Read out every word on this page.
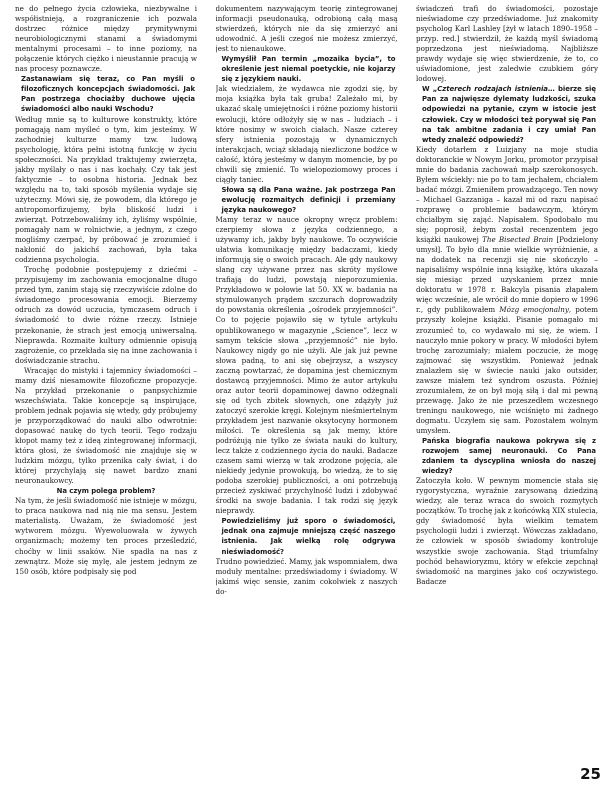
ne do pełnego życia człowieka, niezbywalne i współistnieją, a rozgraniczenie ich pozwala dostrzec różnice między prymitywnymi neurobiologicznymi stanami a świadomymi mentalnymi procesami – to inne poziomy, na połączenie których ciężko i nieustannie pracują w nas procesy poznawcze.

Zastanawiam się teraz, co Pan myśli o filozoficznych koncepcjach świadomości. Jak Pan postrzega chociażby duchowe ujęcia świadomości albo nauki Wschodu?

Według mnie są to kulturowe konstrukty, które pomagają nam myśleć o tym, kim jesteśmy. W zachodniej kulturze mamy tzw. ludową psychologię, która pełni istotną funkcję w życiu społeczności. Na przykład traktujemy zwierzęta, jakby myślały o nas i nas kochały. Czy tak jest faktycznie – to osobna historia. Jednak bez względu na to, taki sposób myślenia wydaje się użyteczny. Mówi się, że powodem, dla którego je antropomorfizujemy, była bliskość ludzi i zwierząt. Potrzebowaliśmy ich, żyliśmy wspólnie, pomagały nam w rolnictwie, a jednym, z czego mogliśmy czerpać, by próbować je zrozumieć i nakłonić do jakichś zachowań, była taka codzienna psychologia.

Trochę podobnie postępujemy z dziećmi – przypisujemy im zachowania emocjonalne długo przed tym, zanim stają się rzeczywiście zdolne do świadomego procesowania emocji. Bierzemy odruch za dowód uczucia, tymczasem odruch i świadomość to dwie różne rzeczy. Istnieje przekonanie, że strach jest emocją uniwersalną. Nieprawda. Rozmaite kultury odmiennie opisują zagrożenie, co przekłada się na inne zachowania i doświadczanie strachu.

Wracając do mistyki i tajemnicy świadomości – mamy dziś niesamowite filozoficzne propozycje. Na przykład przekonanie o panpsychizmie wszechświata. Takie koncepcje są inspirujące, problem jednak pojawia się wtedy, gdy próbujemy je przyporządkować do nauki albo odwrotnie: dopasować naukę do tych teorii. Tego rodzaju kłopot mamy też z ideą zintegrowanej informacji, która głosi, że świadomość nie znajduje się w ludzkim mózgu, tylko przenika cały świat, i do której przychylają się nawet bardzo znani neuronaukowcy.

Na czym polega problem?

Na tym, że jeśli świadomość nie istnieje w mózgu, to praca naukowa nad nią nie ma sensu. Jestem materialistą. Uważam, że świadomość jest wytworem mózgu. Wyewoluowała w żywych organizmach; możemy ten proces prześledzić, choćby w linii ssaków. Nie spadła na nas z zewnątrz. Może się mylę, ale jestem jednym ze 150 osób, które podpisały się pod

dokumentem nazywającym teorię zintegrowanej informacji pseudonauką, odrobioną całą masą stwierdzeń, których nie da się zmierzyć ani udowodnić. A jeśli czegoś nie możesz zmierzyć, jest to nienaukowe.

Wymyślił Pan termin „mozaika bycia”, to określenie jest niemal poetyckie, nie kojarzy się z językiem nauki.

Jak wiedziałem, że wydawca nie zgodzi się, by moja książka była tak gruba! Zależało mi, by ukazać skalę umiejętności i różne poziomy historii ewolucji, które odłożyły się w nas – ludziach – i które nosimy w swoich ciałach. Nasze czterey sfery istnienia pozostają w dynamicznych interakcjach, wciąż składają niezliczone bodźce w całość, którą jesteśmy w danym momencie, by po chwili się zmienić. To wielopoziomowy proces i ciągły taniec.

Słowa są dla Pana ważne. Jak postrzega Pan ewolucję rozmaitych definicji i przemiany języka naukowego?

Mamy teraz w nauce okropny wręcz problem: czerpiemy słowa z języka codziennego, a używamy ich, jakby były naukowe. To oczywiście ułatwia komunikację między badaczami, kiedy informują się o swoich pracach. Ale gdy naukowy slang czy używane przez nas skróty myślowe trafiają do ludzi, powstają nieporozumienia. Przykładowo w połowie lat 50. XX w. badania na stymulowanych prądem szczurach doprowadziły do powstania określenia „ośrodek przyjemności”. Co to pojęcie pojawiło się w tytule artykułu opublikowanego w magazynie „Science”, lecz w samym tekście słowa „przyjemność” nie było. Naukowcy nigdy go nie użyli. Ale jak już pewne słowa padną, to ani się obejrzysz, a wszyscy zaczną powtarzać, że dopamina jest chemicznym dostawcą przyjemności. Mimo że autor artykułu oraz autor teorii dopaminowej dawno odżegnali się od tych zbitek słownych, one zdążyły już zatoczyć szerokie kręgi. Kolejnym nieśmiertelnym przykładem jest nazwanie oksytocyny hormonem miłości. Te określenia są jak memy, które podróżują nie tylko ze świata nauki do kultury, lecz także z codziennego życia do nauki. Badacze czasem sami wierzą w tak zrodzone pojęcia, ale niekiedy jedynie prowokują, bo wiedzą, że to się podoba szerokiej publiczności, a oni potrzebują przecież zyskiwać przychylność ludzi i zdobywać środki na swoje badania. I tak rodzi się język nieprawdy.

Powiedzieliśmy już sporo o świadomości, jednak ona zajmuje mniejszą część naszego istnienia. Jak wielką rolę odgrywa nieświadomość?

Trudno powiedzieć. Mamy, jak wspomniałem, dwa moduły mentalne: przedświadomy i świadomy. W jakimś więc sensie, zanim cokolwiek z naszych do-

świadczeń trafi do świadomości, pozostaje nieświadome czy przedświadome. Już znakomity psycholog Karl Lashley [żył w latach 1890–1958 – przyp. red.] stwierdził, że każdą myśl świadomą poprzedzona jest nieświadomą. Najbliższe prawdy wydaje się więc stwierdzenie, że to, co uświadomione, jest zaledwie czubkiem góry lodowej.

W „Czterech rodzajach istnienia… bierze się Pan za najwięsze dylematy ludzkości, szuka odpowiedzi na pytanie, czym w istocie jest człowiek. Czy w młodości też porywał się Pan na tak ambitne zadania i czy umiał Pan wtedy znaleźć odpowiedź?

Kiedy dotarłem z Luizjany na moje studia doktoranckie w Nowym Jorku, promotor przypisał mnie do badania zachowań małp szerokonosych. Byłem wściekły: nie po to tam jechałem, chciałem badać mózgi. Zmieniłem prowadzącego. Ten nowy – Michael Gazzaniga – kazał mi od razu napisać rozprawę o problemie badawczym, którym chciałbym się zająć. Napisałem. Spodobało mu się; poprosił, żebym został recenzentem jego książki naukowej The Bisected Brain [Podzielony umysł]. To było dla mnie wielkie wyróżnienie, a na dodatek na recenzji się nie skończyło – napisaliśmy wspólnie inną książkę, która ukazała się miesiąc przed uzyskaniem przez mnie doktoratu w 1978 r. Bakcyla pisania złapałem więc wcześnie, ale wrócił do mnie dopiero w 1996 r., gdy publikowałem Mózg emocjonalny, potem przyszły kolejne książki. Pisanie pomagało mi zrozumieć to, co wydawało mi się, że wiem. I nauczyło mnie pokory w pracy. W młodości byłem trochę zarozumiały; miałem poczucie, że mogę zajmować się wszystkim. Ponieważ jednak znalazłem się w świecie nauki jako outsider, zawsze miałem też syndrom oszusta. Później zrozumiałem, że on był moją siłą i dał mi pewną przewagę. Jako że nie przeszedłem wczesnego treningu naukowego, nie wciśnięto mi żadnego dogmatu. Uczyłem się sam. Pozostałem wolnym umysłem.

Pańska biografia naukowa pokrywa się z rozwojem samej neuronauki. Co Pana zdaniem ta dyscyplina wniosła do naszej wiedzy?

Zatoczyła koło. W pewnym momencie stała się rygorystyczna, wyraźnie zarysowaną dziedziną wiedzy, ale teraz wraca do swoich rozmytych początków. To trochę jak z końcówką XIX stulecia, gdy świadomość była wielkim tematem psychologii ludzi i zwierząt. Wówczas zakładano, że człowiek w sposób świadomy kontroluje wszystkie swoje zachowania. Stąd triumfalny pochód behawioryzmu, który w efekcie zepchnął świadomość na margines jako coś oczywistego. Badacze

25
